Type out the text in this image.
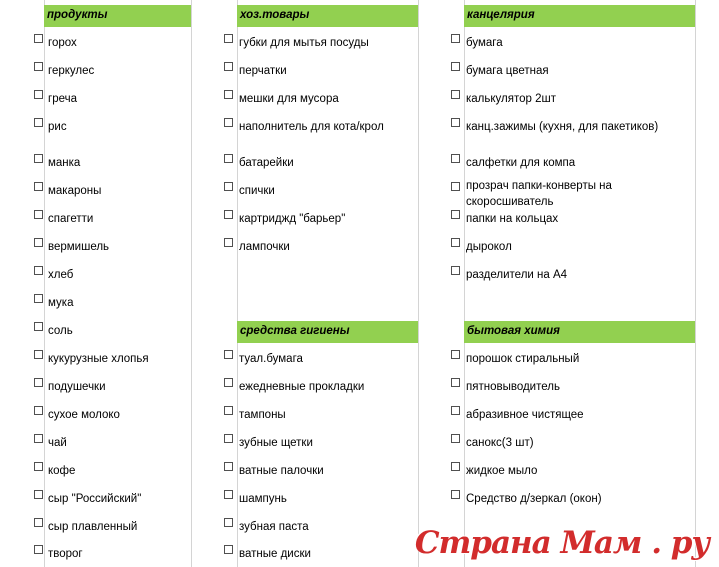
продукты
горох
геркулес
греча
рис
манка
макароны
спагетти
вермишель
хлеб
мука
соль
кукурузные хлопья
подушечки
сухое молоко
чай
кофе
сыр "Российский"
сыр плавленный
творог
хоз.товары
губки для мытья посуды
перчатки
мешки для мусора
наполнитель для кота/крол
батарейки
спички
картриджд "барьер"
лампочки
средства гигиены
туал.бумага
ежедневные прокладки
тампоны
зубные щетки
ватные палочки
шампунь
зубная паста
ватные диски
канцелярия
бумага
бумага цветная
калькулятор 2шт
канц.зажимы (кухня, для пакетиков)
салфетки для компа
прозрач папки-конверты на скоросшиватель
папки на кольцах
дырокол
разделители на А4
бытовая химия
порошок стиральный
пятновыводитель
абразивное чистящее
санокс(3 шт)
жидкое мыло
Средство д/зеркал (окон)
Страна Мам . ру
